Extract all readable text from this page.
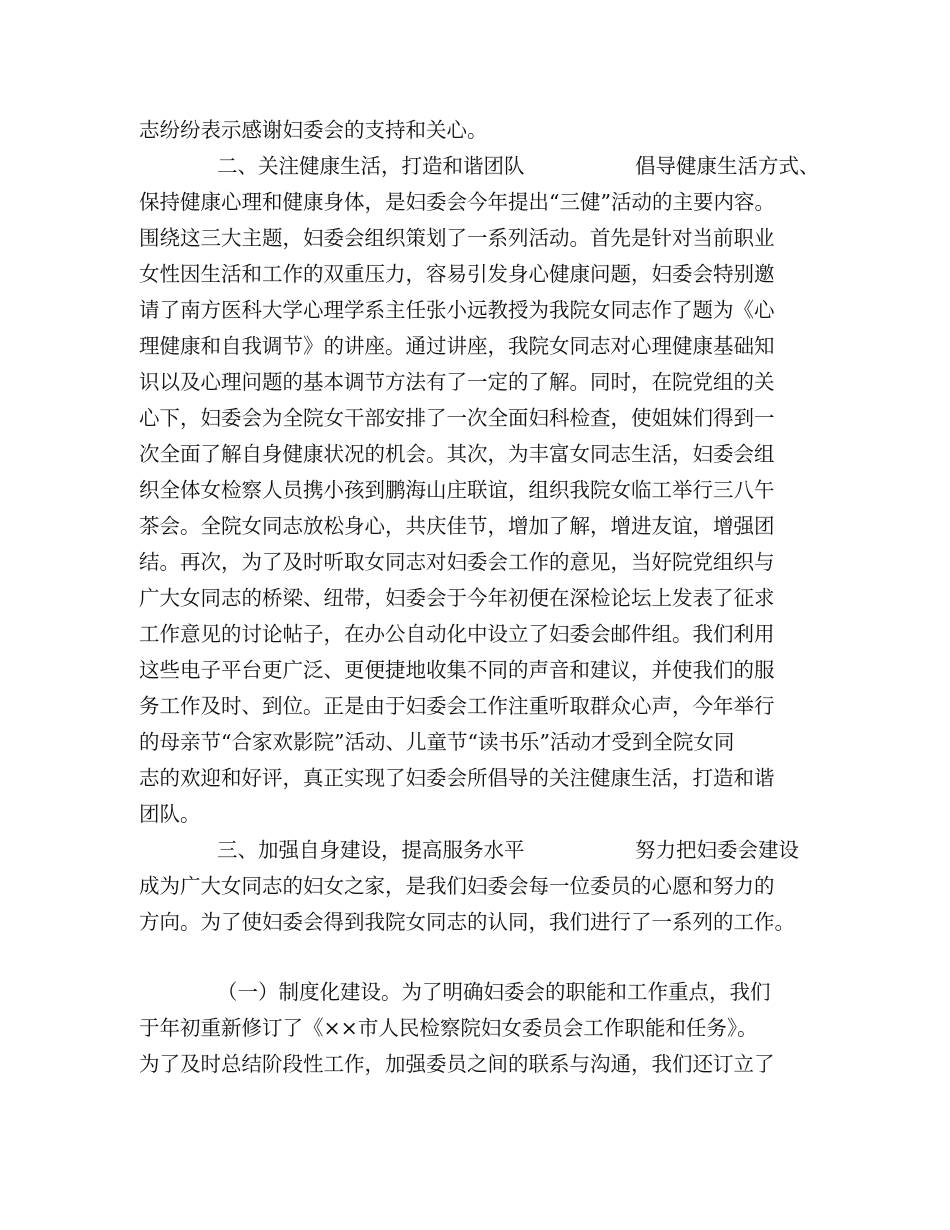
志纷纷表示感谢妇委会的支持和关心。

二、关注健康生活，打造和谐团队	倡导健康生活方式、

保持健康心理和健康身体，是妇委会今年提出“三健”活动的主要内容。

围绕这三大主题，妇委会组织策划了一系列活动。首先是针对当前职业

女性因生活和工作的双重压力，容易引发身心健康问题，妇委会特别邀

请了南方医科大学心理学系主任张小远教授为我院女同志作了题为《心

理健康和自我调节》的讲座。通过讲座，我院女同志对心理健康基础知

识以及心理问题的基本调节方法有了一定的了解。同时，在院党组的关

心下，妇委会为全院女干部安排了一次全面妇科检查，使姐妹们得到一

次全面了解自身健康状况的机会。其次，为丰富女同志生活，妇委会组

织全体女检察人员携小孩到鹏海山庄联谊，组织我院女临工举行三八午

茶会。全院女同志放松身心，共庆佳节，增加了解，增进友谊，增强团

结。再次，为了及时听取女同志对妇委会工作的意见，当好院党组织与

广大女同志的桥梁、纽带，妇委会于今年初便在深检论坛上发表了征求

工作意见的讨论帖子，在办公自动化中设立了妇委会邮件组。我们利用

这些电子平台更广泛、更便捷地收集不同的声音和建议，并使我们的服

务工作及时、到位。正是由于妇委会工作注重听取群众心声，今年举行

的母亲节“合家欢影院”活动、儿童节“读书乐”活动才受到全院女同

志的欢迎和好评，真正实现了妇委会所倡导的关注健康生活，打造和谐

团队。

三、加强自身建设，提高服务水平	努力把妇委会建设

成为广大女同志的妇女之家，是我们妇委会每一位委员的心愿和努力的

方向。为了使妇委会得到我院女同志的认同，我们进行了一系列的工作。

（一）制度化建设。为了明确妇委会的职能和工作重点，我们

于年初重新修订了《××市人民检察院妇女委员会工作职能和任务》。

为了及时总结阶段性工作，加强委员之间的联系与沟通，我们还订立了
